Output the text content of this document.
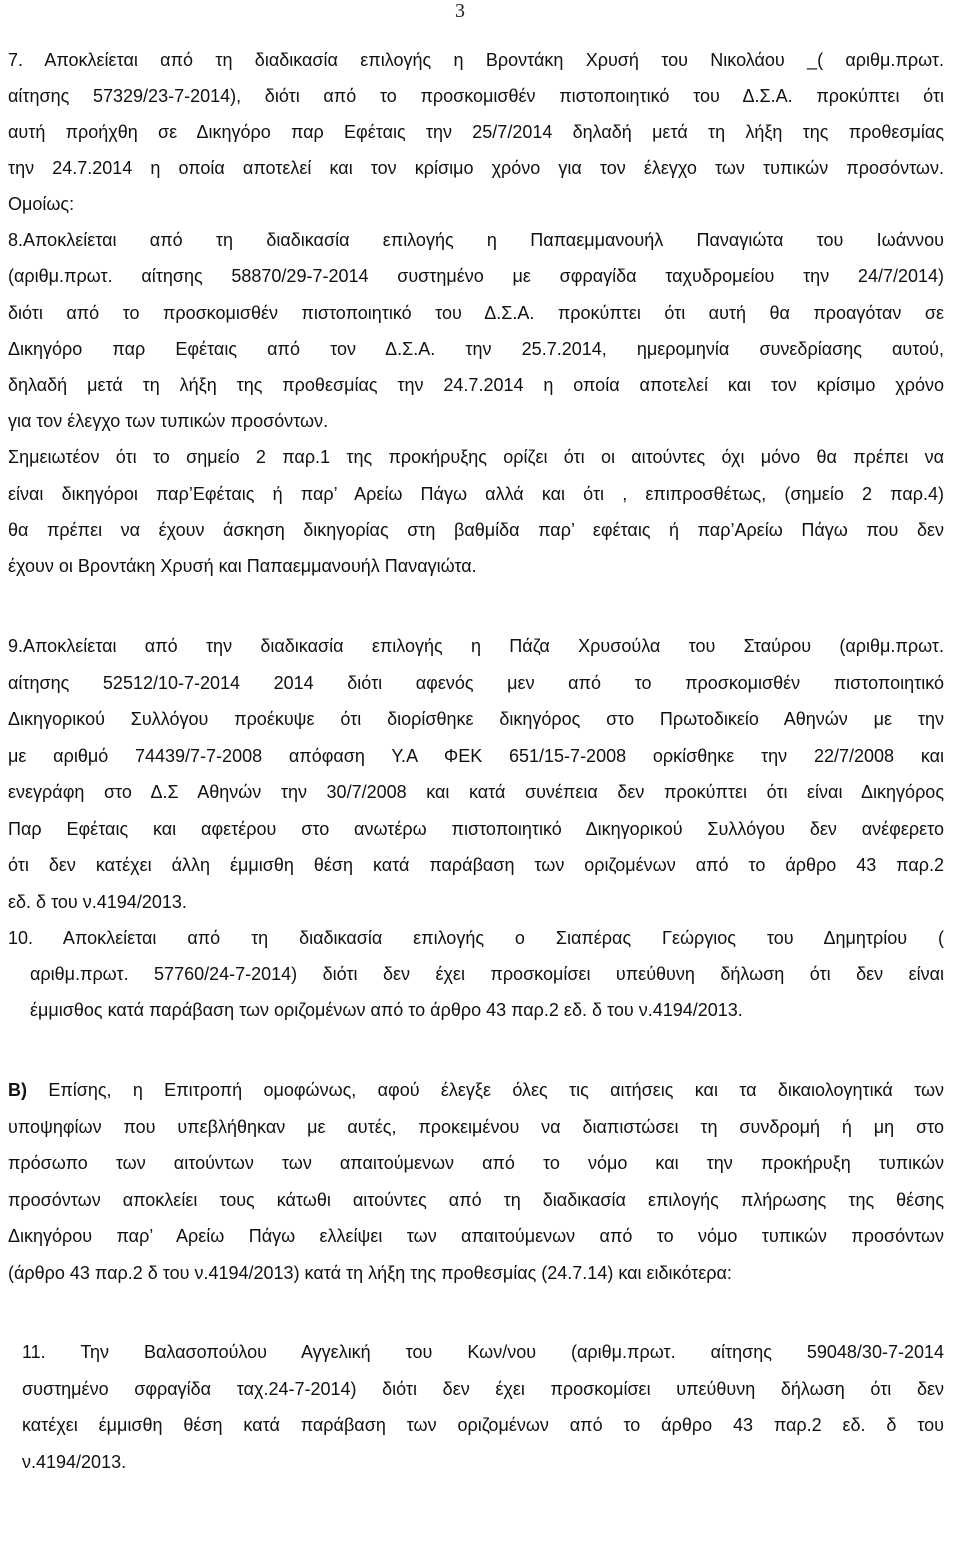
3
7. Αποκλείεται από τη διαδικασία επιλογής η Βροντάκη Χρυσή του Νικολάου _( αριθμ.πρωτ.
αίτησης 57329/23-7-2014), διότι από το προσκομισθέν πιστοποιητικό του Δ.Σ.Α. προκύπτει ότι
αυτή προήχθη σε Δικηγόρο παρ Εφέταις την 25/7/2014 δηλαδή μετά τη λήξη της προθεσμίας
την 24.7.2014 η οποία αποτελεί και τον κρίσιμο χρόνο για τον έλεγχο των τυπικών προσόντων.
Ομοίως:
8.Αποκλείεται από τη διαδικασία επιλογής η Παπαεμμανουήλ Παναγιώτα του Ιωάννου
(αριθμ.πρωτ. αίτησης 58870/29-7-2014 συστημένο με σφραγίδα ταχυδρομείου την 24/7/2014)
διότι από το προσκομισθέν πιστοποιητικό του Δ.Σ.Α. προκύπτει ότι αυτή θα προαγόταν σε
Δικηγόρο παρ Εφέταις από τον Δ.Σ.Α. την 25.7.2014, ημερομηνία συνεδρίασης αυτού,
δηλαδή μετά τη λήξη της προθεσμίας την 24.7.2014 η οποία αποτελεί και τον κρίσιμο χρόνο
για τον έλεγχο των τυπικών προσόντων.
Σημειωτέον ότι το σημείο 2 παρ.1 της προκήρυξης ορίζει ότι οι αιτούντες όχι μόνο θα πρέπει να
είναι δικηγόροι παρ’Εφέταις ή παρ’ Αρείω Πάγω αλλά και ότι , επιπροσθέτως, (σημείο 2 παρ.4)
θα πρέπει να έχουν άσκηση δικηγορίας στη βαθμίδα παρ’ εφέταις ή παρ’Αρείω Πάγω που δεν
έχουν οι Βροντάκη Χρυσή και Παπαεμμανουήλ Παναγιώτα.
9.Αποκλείεται από την διαδικασία επιλογής η Πάζα Χρυσούλα του Σταύρου (αριθμ.πρωτ.
αίτησης 52512/10-7-2014 2014 διότι αφενός μεν από το προσκομισθέν πιστοποιητικό
Δικηγορικού Συλλόγου προέκυψε ότι διορίσθηκε δικηγόρος στο Πρωτοδικείο Αθηνών με την
με αριθμό 74439/7-7-2008 απόφαση Υ.Α ΦΕΚ 651/15-7-2008 ορκίσθηκε την 22/7/2008 και
ενεγράφη στο Δ.Σ Αθηνών την 30/7/2008 και κατά συνέπεια δεν προκύπτει ότι είναι Δικηγόρος
Παρ Εφέταις και αφετέρου στο ανωτέρω πιστοποιητικό Δικηγορικού Συλλόγου δεν ανέφερετο
ότι δεν κατέχει άλλη έμμισθη θέση κατά παράβαση των οριζομένων από το άρθρο 43 παρ.2
εδ. δ του ν.4194/2013.
10. Αποκλείεται από τη διαδικασία επιλογής ο Σιαπέρας Γεώργιος του Δημητρίου (
αριθμ.πρωτ. 57760/24-7-2014) διότι δεν έχει προσκομίσει υπεύθυνη δήλωση ότι δεν είναι
έμμισθος κατά παράβαση των οριζομένων από το άρθρο 43 παρ.2 εδ. δ του ν.4194/2013.
Β) Επίσης, η Επιτροπή ομοφώνως, αφού έλεγξε όλες τις αιτήσεις και τα δικαιολογητικά των
υποψηφίων που υπεβλήθηκαν με αυτές, προκειμένου να διαπιστώσει τη συνδρομή ή μη στο
πρόσωπο των αιτούντων των απαιτούμενων από το νόμο και την προκήρυξη τυπικών
προσόντων αποκλείει τους κάτωθι αιτούντες από τη διαδικασία επιλογής πλήρωσης της θέσης
Δικηγόρου παρ’ Αρείω Πάγω ελλείψει των απαιτούμενων από το νόμο τυπικών προσόντων
(άρθρο 43 παρ.2 δ του ν.4194/2013) κατά τη λήξη της προθεσμίας (24.7.14) και ειδικότερα:
11. Την Βαλασοπούλου Αγγελική του Κων/νου (αριθμ.πρωτ. αίτησης 59048/30-7-2014
συστημένο σφραγίδα ταχ.24-7-2014) διότι δεν έχει προσκομίσει υπεύθυνη δήλωση ότι δεν
κατέχει έμμισθη θέση κατά παράβαση των οριζομένων από το άρθρο 43 παρ.2 εδ. δ του
ν.4194/2013.
